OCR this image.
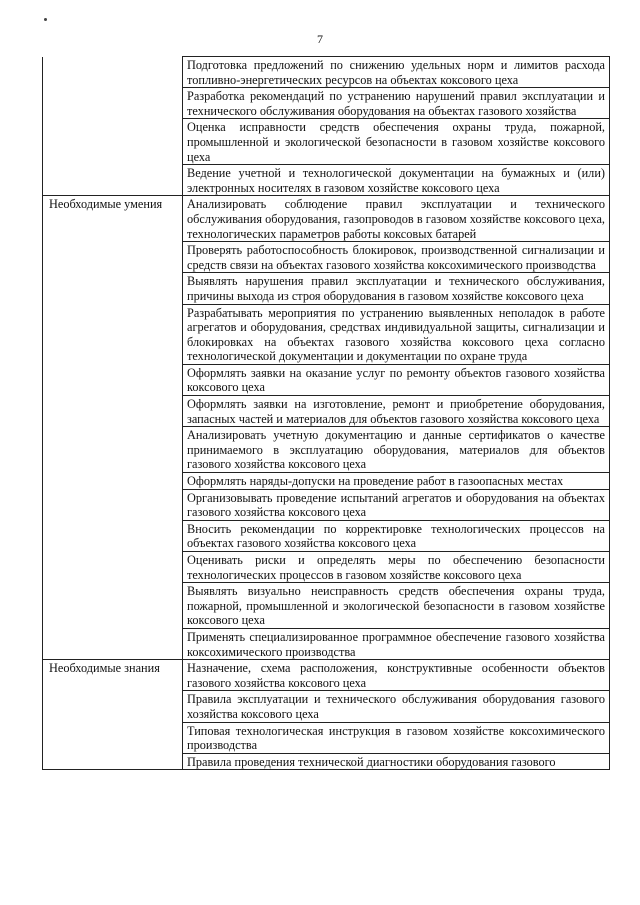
7
	Подготовка предложений по снижению удельных норм и лимитов расхода топливно-энергетических ресурсов на объектах коксового цеха
	Разработка рекомендаций по устранению нарушений правил эксплуатации и технического обслуживания оборудования на объектах газового хозяйства
	Оценка исправности средств обеспечения охраны труда, пожарной, промышленной и экологической безопасности в газовом хозяйстве коксового цеха
	Ведение учетной и технологической документации на бумажных и (или) электронных носителях в газовом хозяйстве коксового цеха
Необходимые умения	Анализировать соблюдение правил эксплуатации и технического обслуживания оборудования, газопроводов в газовом хозяйстве коксового цеха, технологических параметров работы коксовых батарей
	Проверять работоспособность блокировок, производственной сигнализации и средств связи на объектах газового хозяйства коксохимического производства
	Выявлять нарушения правил эксплуатации и технического обслуживания, причины выхода из строя оборудования в газовом хозяйстве коксового цеха
	Разрабатывать мероприятия по устранению выявленных неполадок в работе агрегатов и оборудования, средствах индивидуальной защиты, сигнализации и блокировках на объектах газового хозяйства коксового цеха согласно технологической документации и документации по охране труда
	Оформлять заявки на оказание услуг по ремонту объектов газового хозяйства коксового цеха
	Оформлять заявки на изготовление, ремонт и приобретение оборудования, запасных частей и материалов для объектов газового хозяйства коксового цеха
	Анализировать учетную документацию и данные сертификатов о качестве принимаемого в эксплуатацию оборудования, материалов для объектов газового хозяйства коксового цеха
	Оформлять наряды-допуски на проведение работ в газоопасных местах
	Организовывать проведение испытаний агрегатов и оборудования на объектах газового хозяйства коксового цеха
	Вносить рекомендации по корректировке технологических процессов на объектах газового хозяйства коксового цеха
	Оценивать риски и определять меры по обеспечению безопасности технологических процессов в газовом хозяйстве коксового цеха
	Выявлять визуально неисправность средств обеспечения охраны труда, пожарной, промышленной и экологической безопасности в газовом хозяйстве коксового цеха
	Применять специализированное программное обеспечение газового хозяйства коксохимического производства
Необходимые знания	Назначение, схема расположения, конструктивные особенности объектов газового хозяйства коксового цеха
	Правила эксплуатации и технического обслуживания оборудования газового хозяйства коксового цеха
	Типовая технологическая инструкция в газовом хозяйстве коксохимического производства
	Правила проведения технической диагностики оборудования газового
